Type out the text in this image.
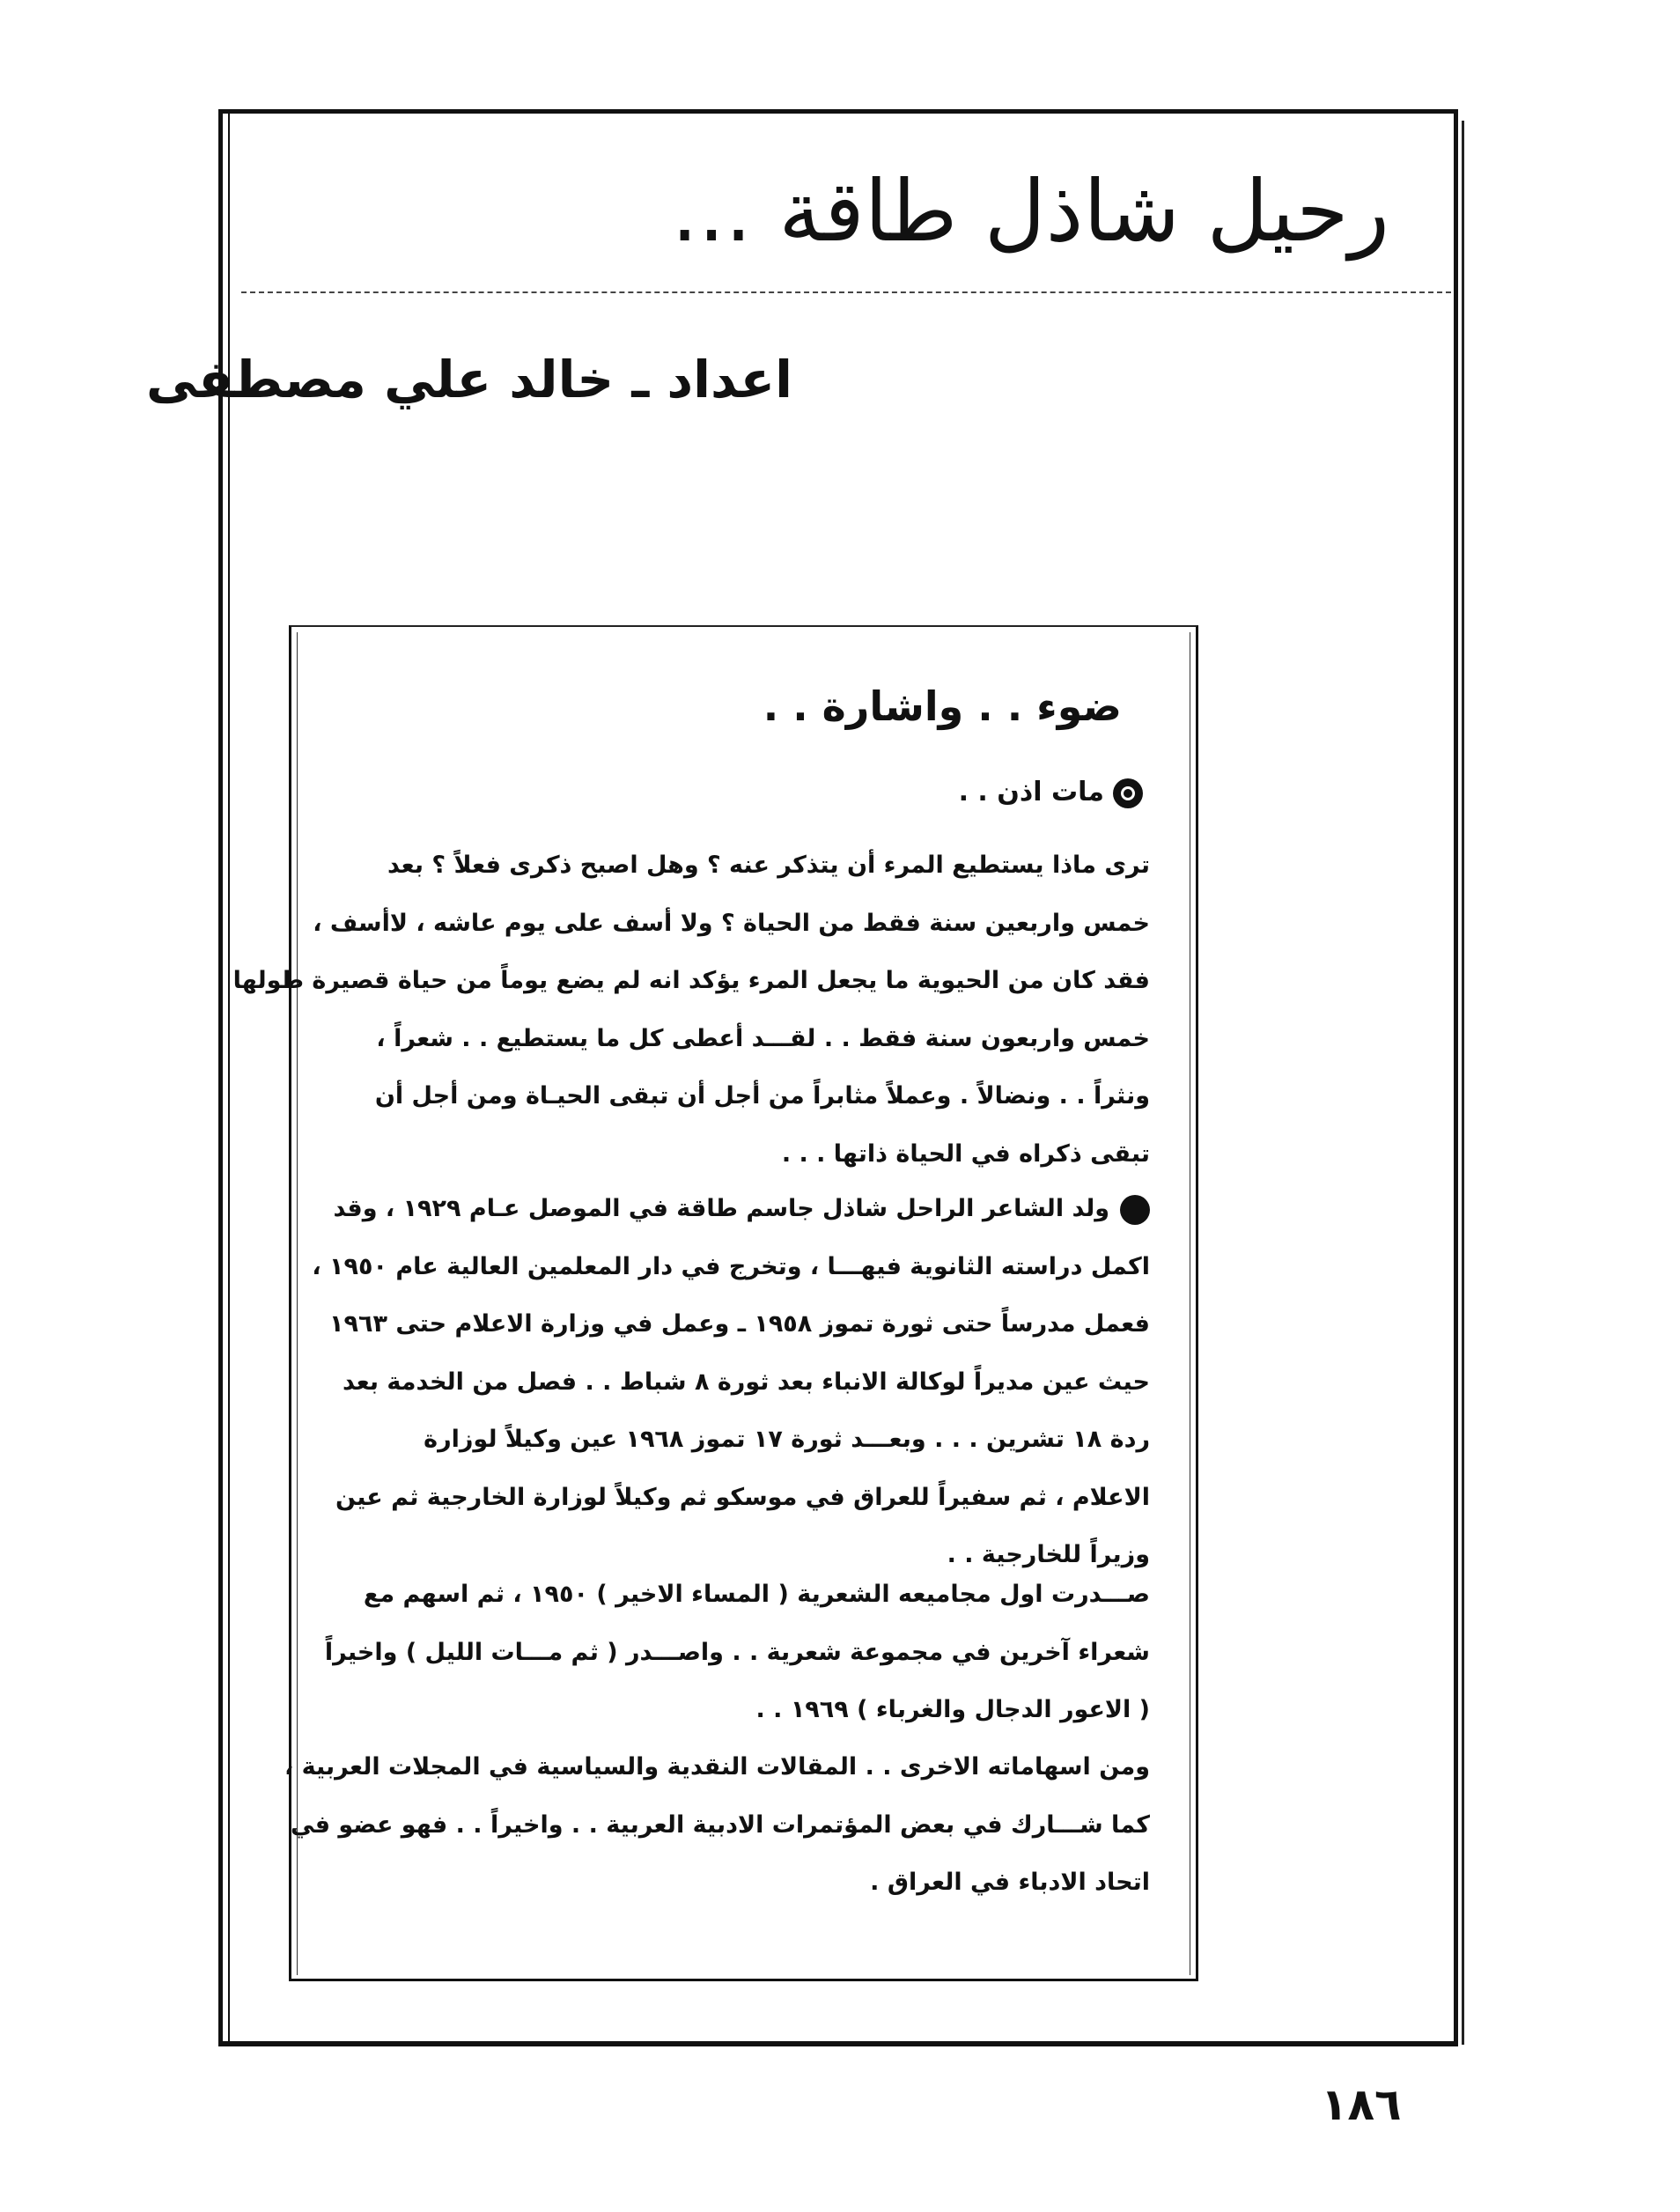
رحيل شاذل طاقة ...
اعداد ـ خالد علي مصطفى
ضوء . . واشارة . .
مات اذن . .
ترى ماذا يستطيع المرء أن يتذكر عنه ؟ وهل اصبح ذكرى فعلاً ؟ بعد
خمس واربعين سنة فقط من الحياة ؟ ولا أسف على يوم عاشه ، لاأسف ،
فقد كان من الحيوية ما يجعل المرء يؤكد انه لم يضع يوماً من حياة قصيرة طولها
خمس واربعون سنة فقط . . لقـــد أعطى كل ما يستطيع . . شعراً ،
ونثراً . . ونضالاً . وعملاً مثابراً من أجل أن تبقى الحيـاة ومن أجل أن
تبقى ذكراه في الحياة ذاتها . . .
ولد الشاعر الراحل شاذل جاسم طاقة في الموصل عـام ١٩٢٩ ، وقد
اكمل دراسته الثانوية فيهـــا ، وتخرج في دار المعلمين العالية عام ١٩٥٠ ،
فعمل مدرساً حتى ثورة تموز ١٩٥٨ ـ وعمل في وزارة الاعلام حتى ١٩٦٣
حيث عين مديراً لوكالة الانباء بعد ثورة ٨ شباط . . فصل من الخدمة بعد
ردة ١٨ تشرين . . . وبعـــد ثورة ١٧ تموز ١٩٦٨ عين وكيلاً لوزارة
الاعلام ، ثم سفيراً للعراق في موسكو ثم وكيلاً لوزارة الخارجية ثم عين
وزيراً للخارجية . .
صـــدرت اول مجاميعه الشعرية ( المساء الاخير ) ١٩٥٠ ، ثم اسهم مع
شعراء آخرين في مجموعة شعرية . . واصـــدر ( ثم مـــات الليل ) واخيراً
( الاعور الدجال والغرباء ) ١٩٦٩ . .
ومن اسهاماته الاخرى . . المقالات النقدية والسياسية في المجلات العربية ،
كما شـــارك في بعض المؤتمرات الادبية العربية . . واخيراً . . فهو عضو في
اتحاد الادباء في العراق .
١٨٦
